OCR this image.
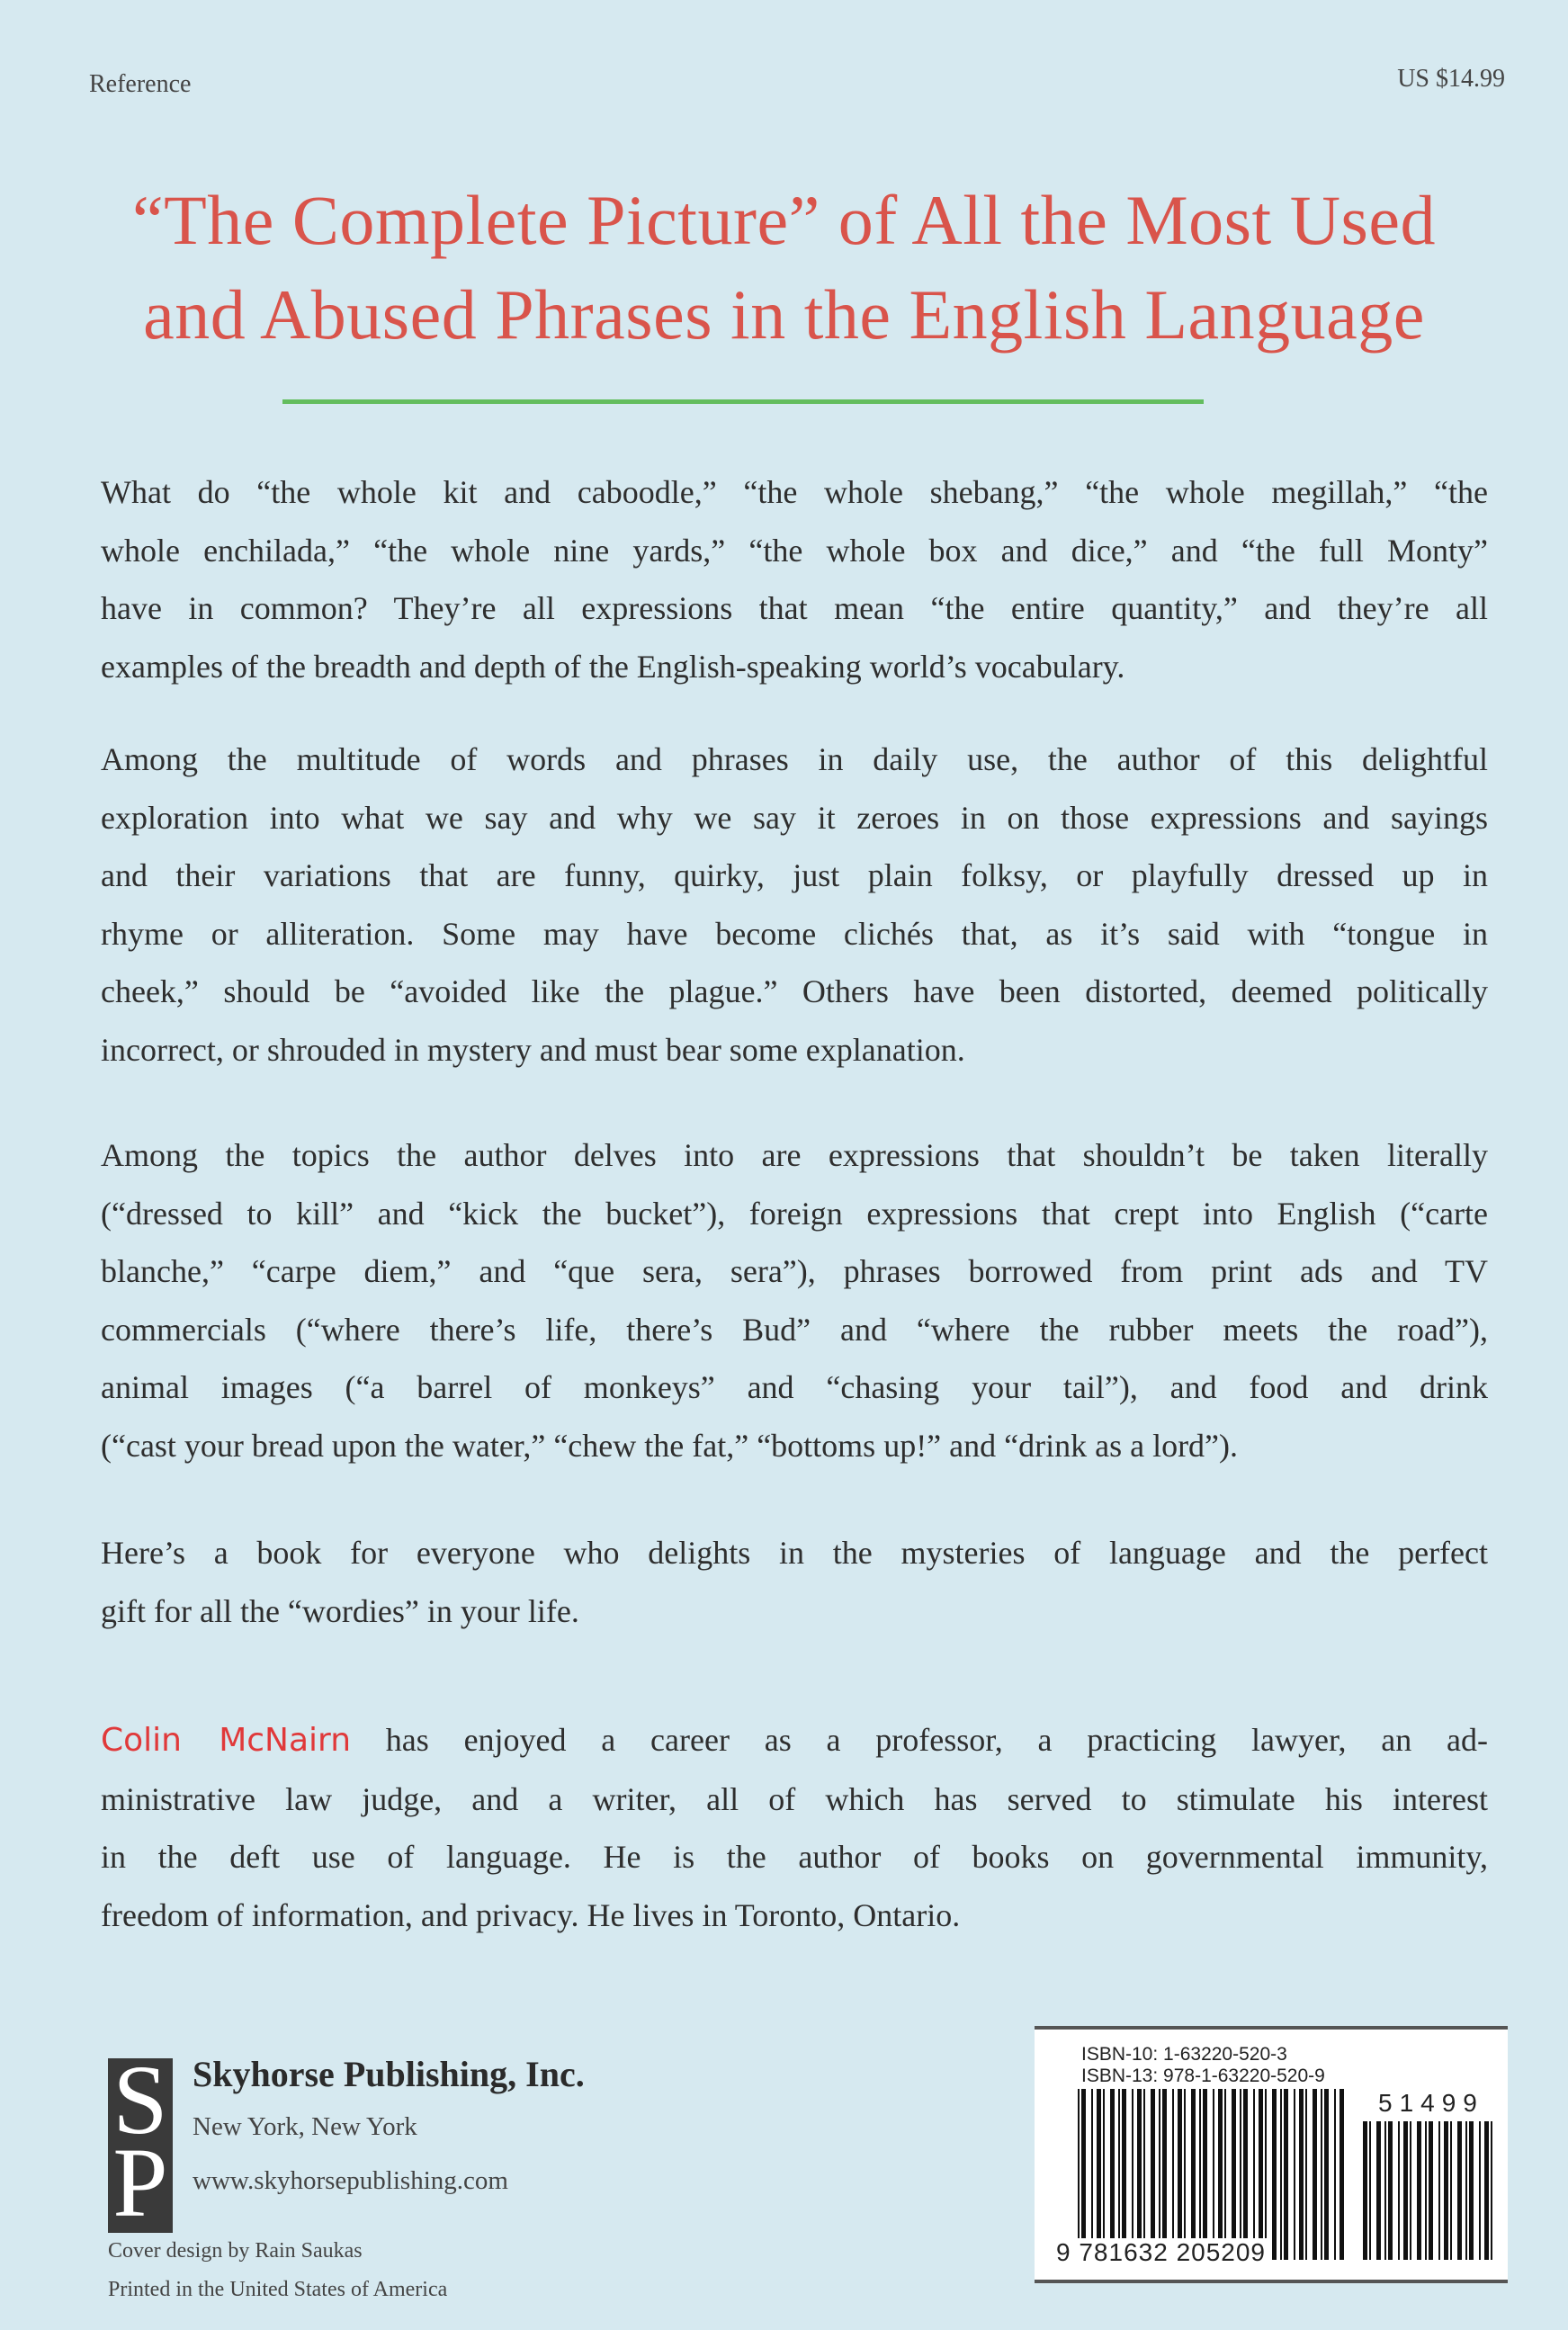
Reference	US $14.99
“The Complete Picture” of All the Most Used
and Abused Phrases in the English Language
What do “the whole kit and caboodle,” “the whole shebang,” “the whole megillah,” “the
whole enchilada,” “the whole nine yards,” “the whole box and dice,” and “the full Monty”
have in common? They’re all expressions that mean “the entire quantity,” and they’re all
examples of the breadth and depth of the English-speaking world’s vocabulary.
Among the multitude of words and phrases in daily use, the author of this delightful
exploration into what we say and why we say it zeroes in on those expressions and sayings
and their variations that are funny, quirky, just plain folksy, or playfully dressed up in
rhyme or alliteration. Some may have become clichés that, as it’s said with “tongue in
cheek,” should be “avoided like the plague.” Others have been distorted, deemed politically
incorrect, or shrouded in mystery and must bear some explanation.
Among the topics the author delves into are expressions that shouldn’t be taken literally
(“dressed to kill” and “kick the bucket”), foreign expressions that crept into English (“carte
blanche,” “carpe diem,” and “que sera, sera”), phrases borrowed from print ads and TV
commercials (“where there’s life, there’s Bud” and “where the rubber meets the road”),
animal images (“a barrel of monkeys” and “chasing your tail”), and food and drink
(“cast your bread upon the water,” “chew the fat,” “bottoms up!” and “drink as a lord”).
Here’s a book for everyone who delights in the mysteries of language and the perfect
gift for all the “wordies” in your life.
Colin McNairn has enjoyed a career as a professor, a practicing lawyer, an ad-
ministrative law judge, and a writer, all of which has served to stimulate his interest
in the deft use of language. He is the author of books on governmental immunity,
freedom of information, and privacy. He lives in Toronto, Ontario.
S
P
Skyhorse Publishing, Inc.
New York, New York
www.skyhorsepublishing.com
Cover design by Rain Saukas
Printed in the United States of America
ISBN-10: 1-63220-520-3
ISBN-13: 978-1-63220-520-9
51499
9 781632 205209
